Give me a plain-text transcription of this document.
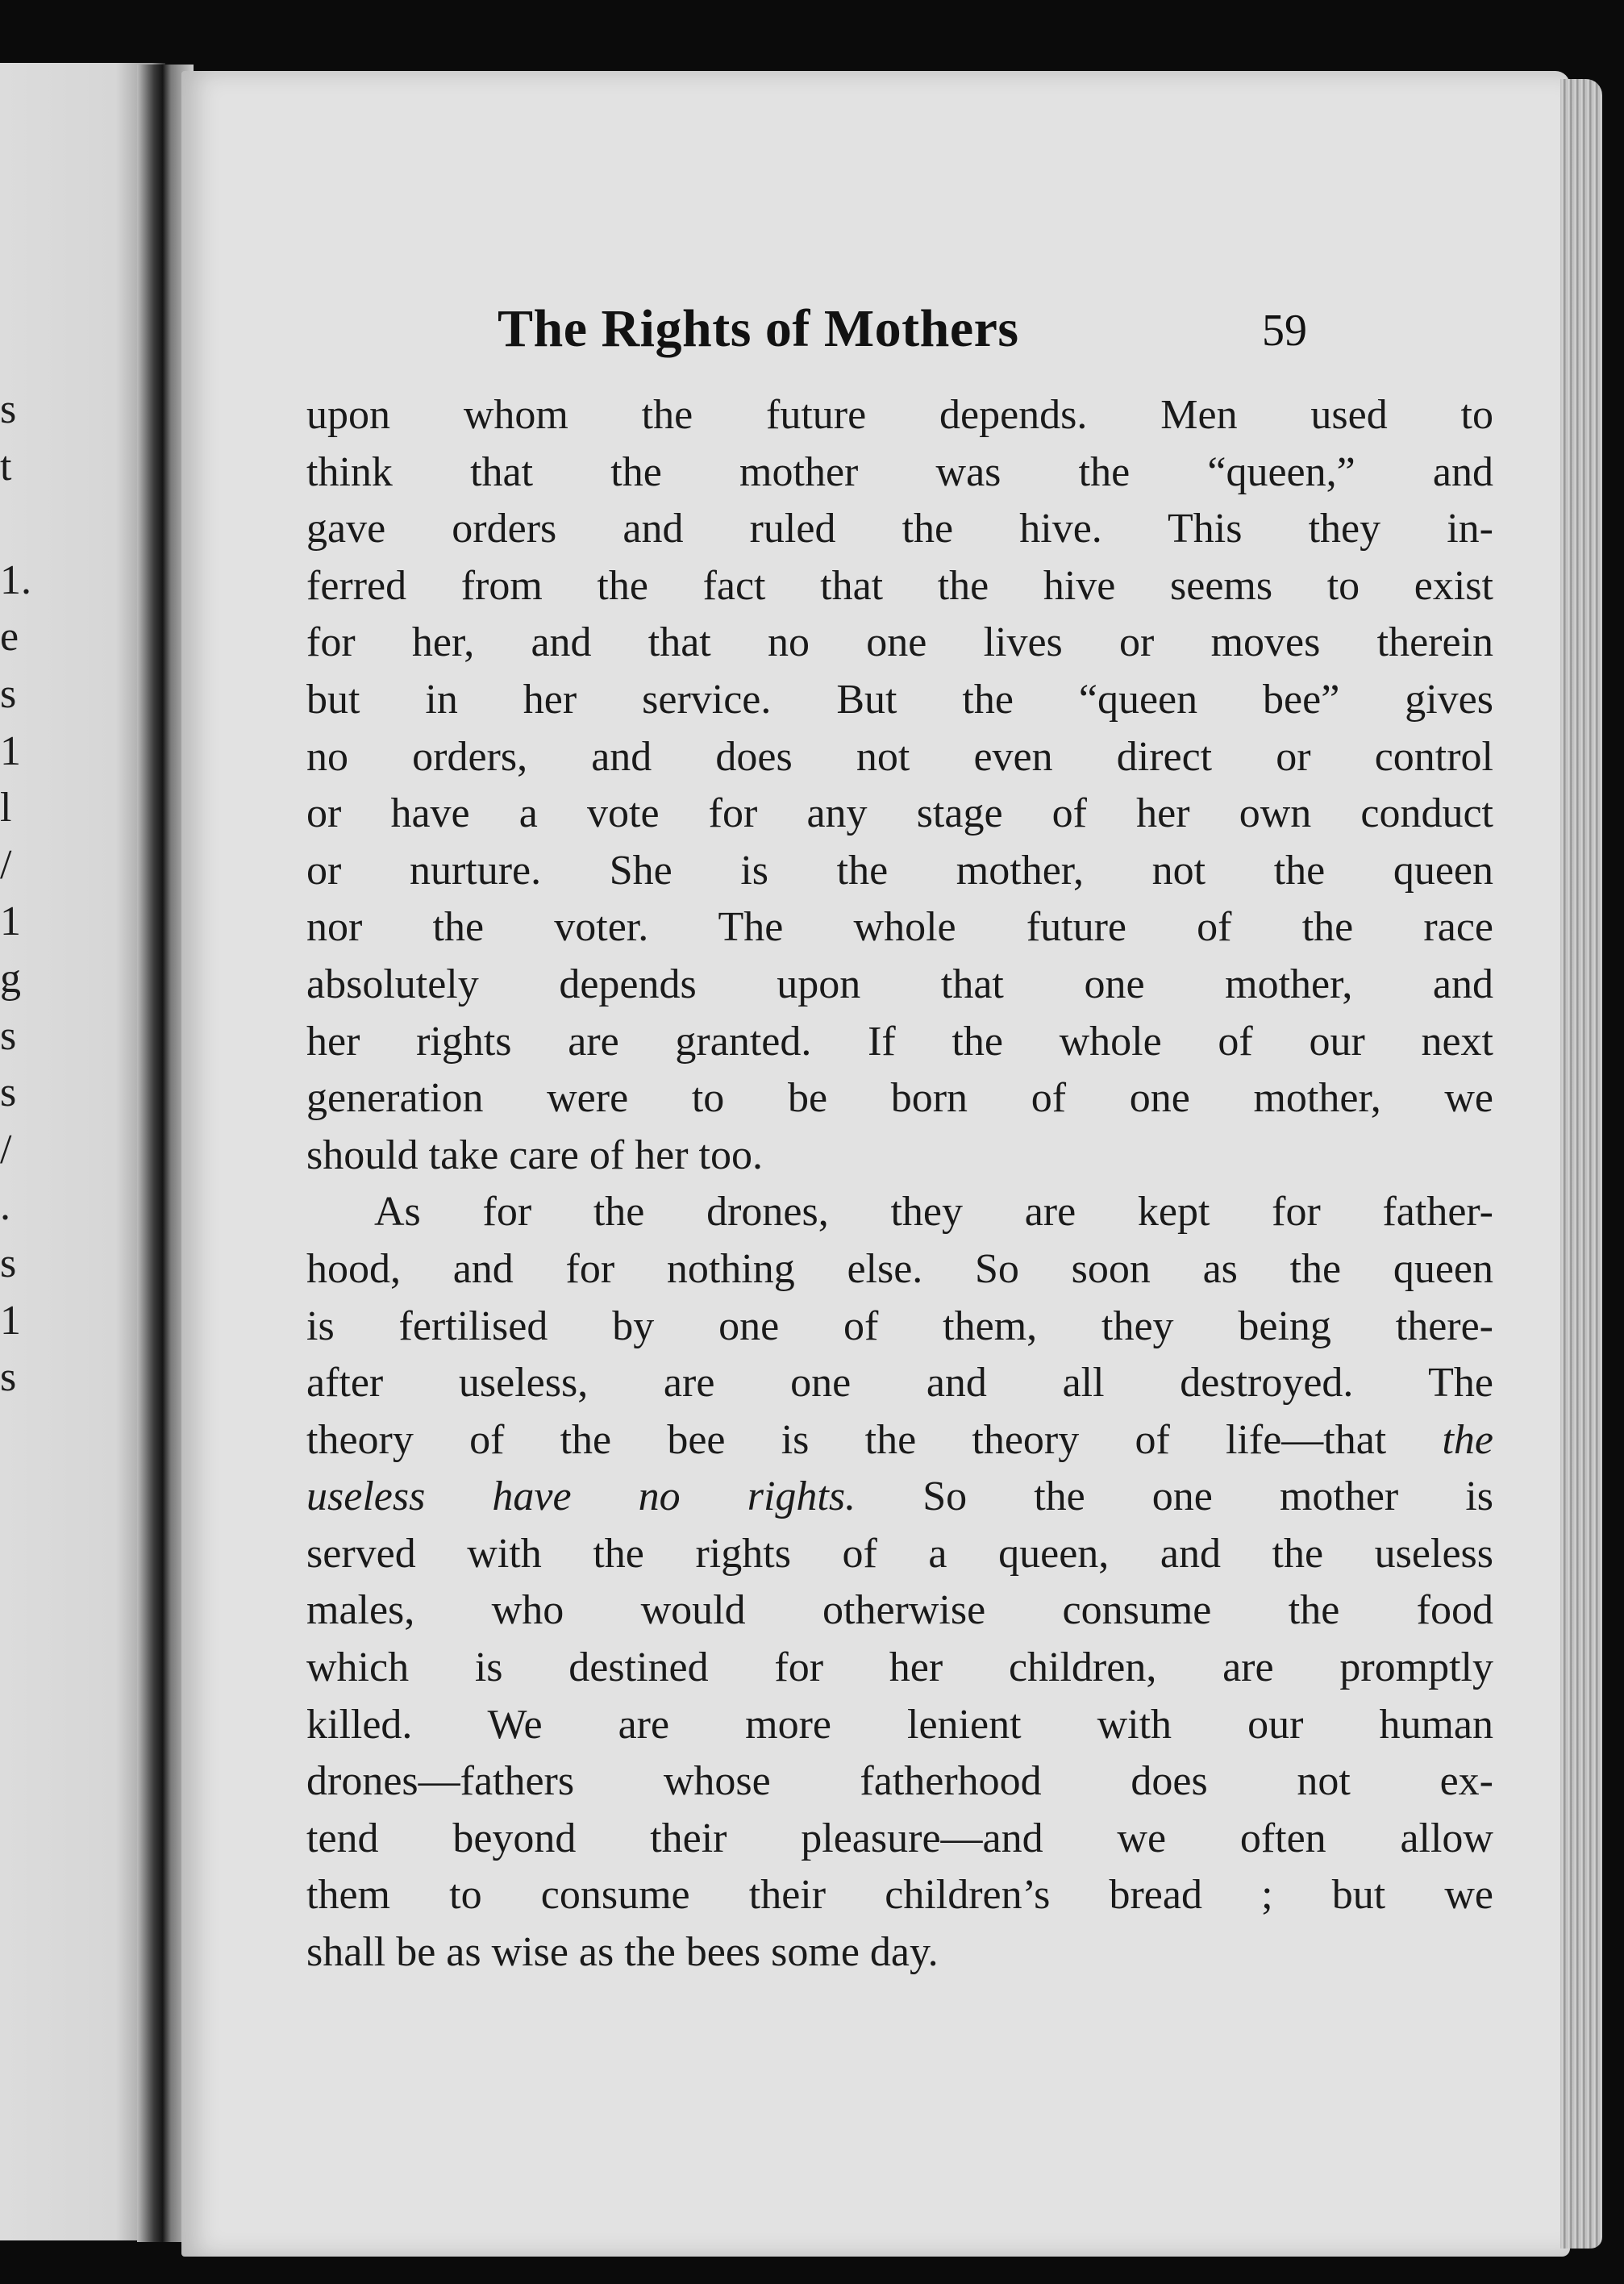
s
t
1.
e
s
1
l
/
1
g
s
s
/
.
s
1
s
The Rights of Mothers	59
upon whom the future depends. Men used to
think that the mother was the “queen,” and
gave orders and ruled the hive. This they in-
ferred from the fact that the hive seems to exist
for her, and that no one lives or moves therein
but in her service. But the “queen bee” gives
no orders, and does not even direct or control
or have a vote for any stage of her own conduct
or nurture. She is the mother, not the queen
nor the voter. The whole future of the race
absolutely depends upon that one mother, and
her rights are granted. If the whole of our next
generation were to be born of one mother, we
should take care of her too.
As for the drones, they are kept for father-
hood, and for nothing else. So soon as the queen
is fertilised by one of them, they being there-
after useless, are one and all destroyed. The
theory of the bee is the theory of life—that the
useless have no rights. So the one mother is
served with the rights of a queen, and the useless
males, who would otherwise consume the food
which is destined for her children, are promptly
killed. We are more lenient with our human
drones—fathers whose fatherhood does not ex-
tend beyond their pleasure—and we often allow
them to consume their children’s bread ; but we
shall be as wise as the bees some day.
